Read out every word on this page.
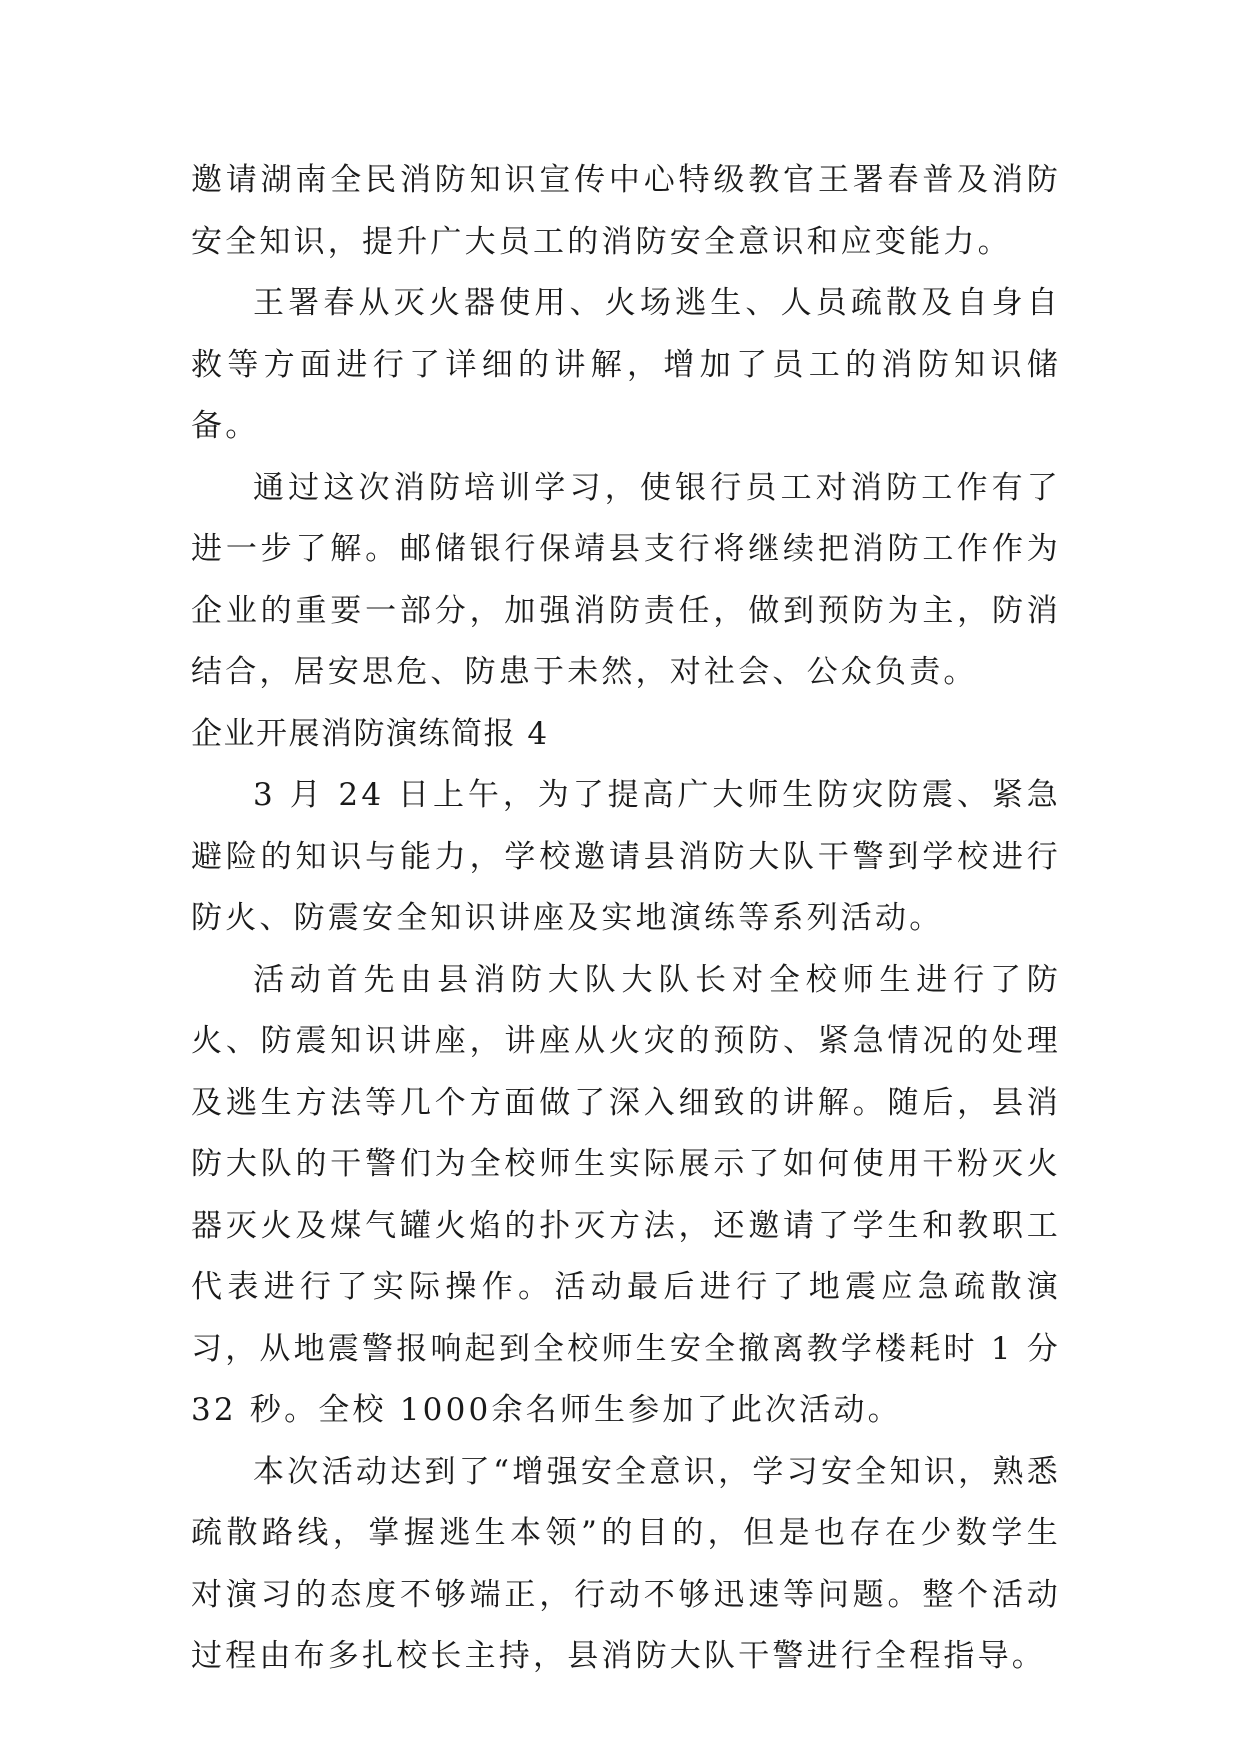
邀请湖南全民消防知识宣传中心特级教官王署春普及消防安全知识，提升广大员工的消防安全意识和应变能力。

王署春从灭火器使用、火场逃生、人员疏散及自身自救等方面进行了详细的讲解，增加了员工的消防知识储备。

通过这次消防培训学习，使银行员工对消防工作有了进一步了解。邮储银行保靖县支行将继续把消防工作作为企业的重要一部分，加强消防责任，做到预防为主，防消结合，居安思危、防患于未然，对社会、公众负责。

企业开展消防演练简报 4

3 月 24 日上午，为了提高广大师生防灾防震、紧急避险的知识与能力，学校邀请县消防大队干警到学校进行防火、防震安全知识讲座及实地演练等系列活动。

活动首先由县消防大队大队长对全校师生进行了防火、防震知识讲座，讲座从火灾的预防、紧急情况的处理及逃生方法等几个方面做了深入细致的讲解。随后，县消防大队的干警们为全校师生实际展示了如何使用干粉灭火器灭火及煤气罐火焰的扑灭方法，还邀请了学生和教职工代表进行了实际操作。活动最后进行了地震应急疏散演习，从地震警报响起到全校师生安全撤离教学楼耗时 1 分 32 秒。全校 1000余名师生参加了此次活动。

本次活动达到了“增强安全意识，学习安全知识，熟悉疏散路线，掌握逃生本领”的目的，但是也存在少数学生对演习的态度不够端正，行动不够迅速等问题。整个活动过程由布多扎校长主持，县消防大队干警进行全程指导。
